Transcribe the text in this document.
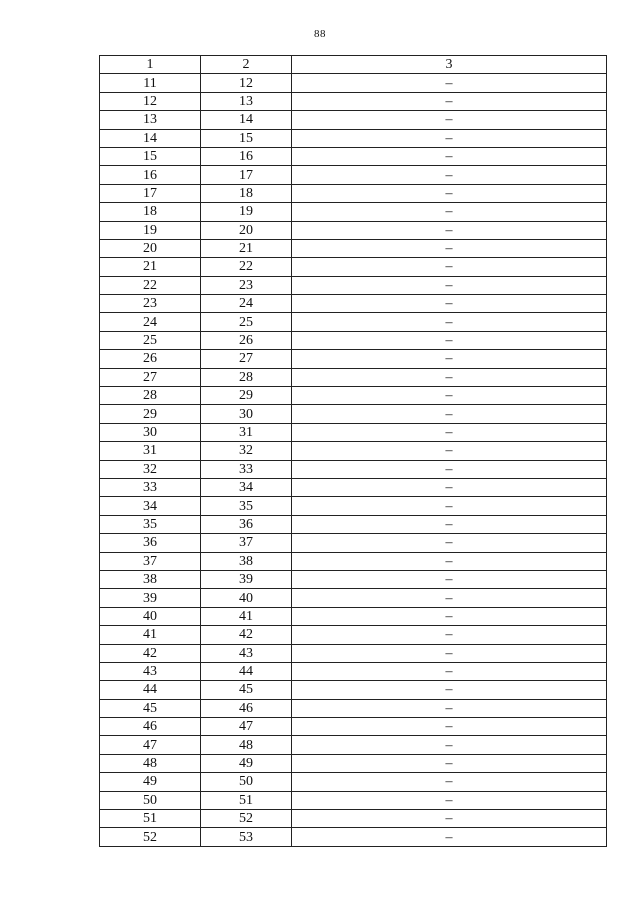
88
1	2	3
11	12	–
12	13	–
13	14	–
14	15	–
15	16	–
16	17	–
17	18	–
18	19	–
19	20	–
20	21	–
21	22	–
22	23	–
23	24	–
24	25	–
25	26	–
26	27	–
27	28	–
28	29	–
29	30	–
30	31	–
31	32	–
32	33	–
33	34	–
34	35	–
35	36	–
36	37	–
37	38	–
38	39	–
39	40	–
40	41	–
41	42	–
42	43	–
43	44	–
44	45	–
45	46	–
46	47	–
47	48	–
48	49	–
49	50	–
50	51	–
51	52	–
52	53	–
